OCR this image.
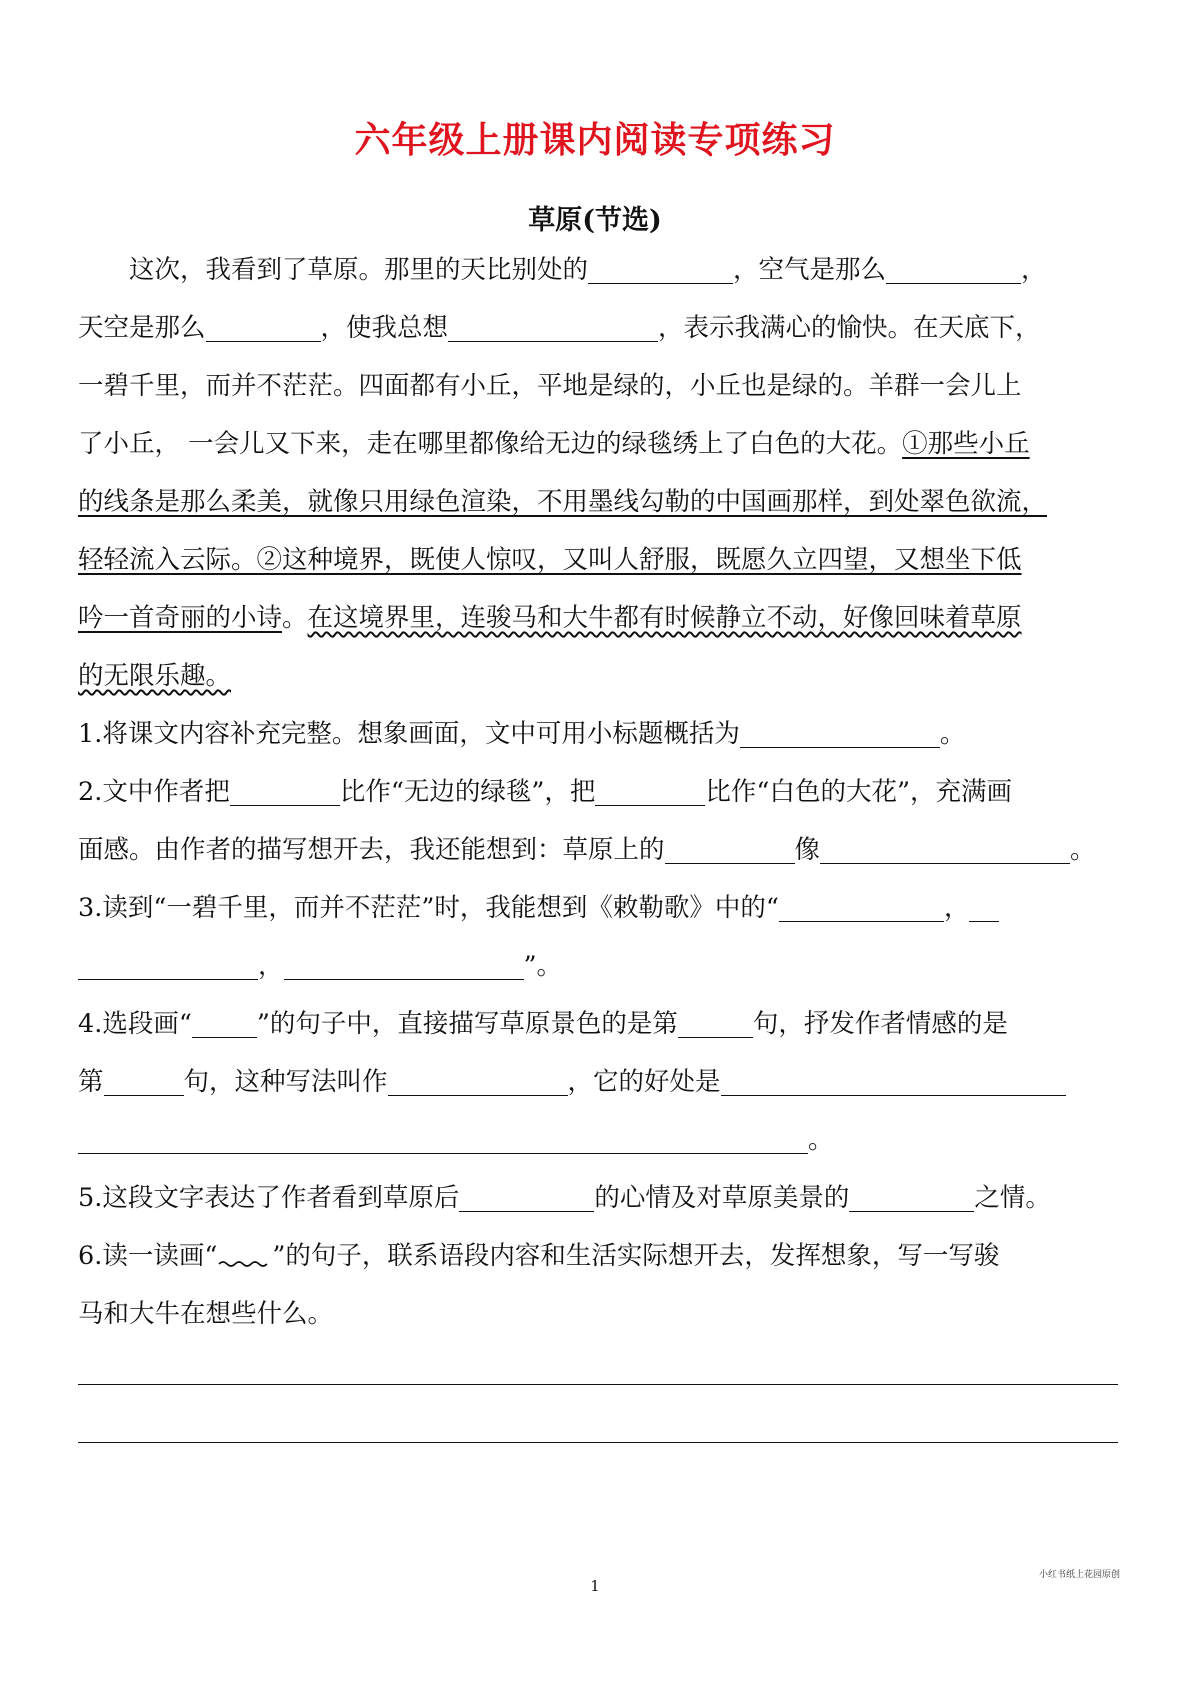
六年级上册课内阅读专项练习
草原(节选)
这次，我看到了草原。那里的天比别处的	，空气是那么	，
天空是那么	，使我总想	，表示我满心的愉快。在天底下，
一碧千里，而并不茫茫。四面都有小丘，平地是绿的，小丘也是绿的。羊群一会儿上
了小丘， 一会儿又下来，走在哪里都像给无边的绿毯绣上了白色的大花。①那些小丘
的线条是那么柔美，就像只用绿色渲染，不用墨线勾勒的中国画那样，到处翠色欲流，
轻轻流入云际。②这种境界，既使人惊叹，又叫人舒服，既愿久立四望，又想坐下低
吟一首奇丽的小诗。在这境界里，连骏马和大牛都有时候静立不动，好像回味着草原
的无限乐趣。
1.将课文内容补充完整。想象画面，文中可用小标题概括为	。
2.文中作者把	比作“无边的绿毯”，把	比作“白色的大花”，充满画
面感。由作者的描写想开去，我还能想到：草原上的	像	。
3.读到“一碧千里，而并不茫茫”时，我能想到《敕勒歌》中的“	，
，	”。
4.选段画“	”的句子中，直接描写草原景色的是第	句，抒发作者情感的是
第	句，这种写法叫作	，它的好处是
。
5.这段文字表达了作者看到草原后	的心情及对草原美景的	之情。
6.读一读画“ ”的句子，联系语段内容和生活实际想开去，发挥想象，写一写骏
马和大牛在想些什么。
小红书纸上花园原创
1
